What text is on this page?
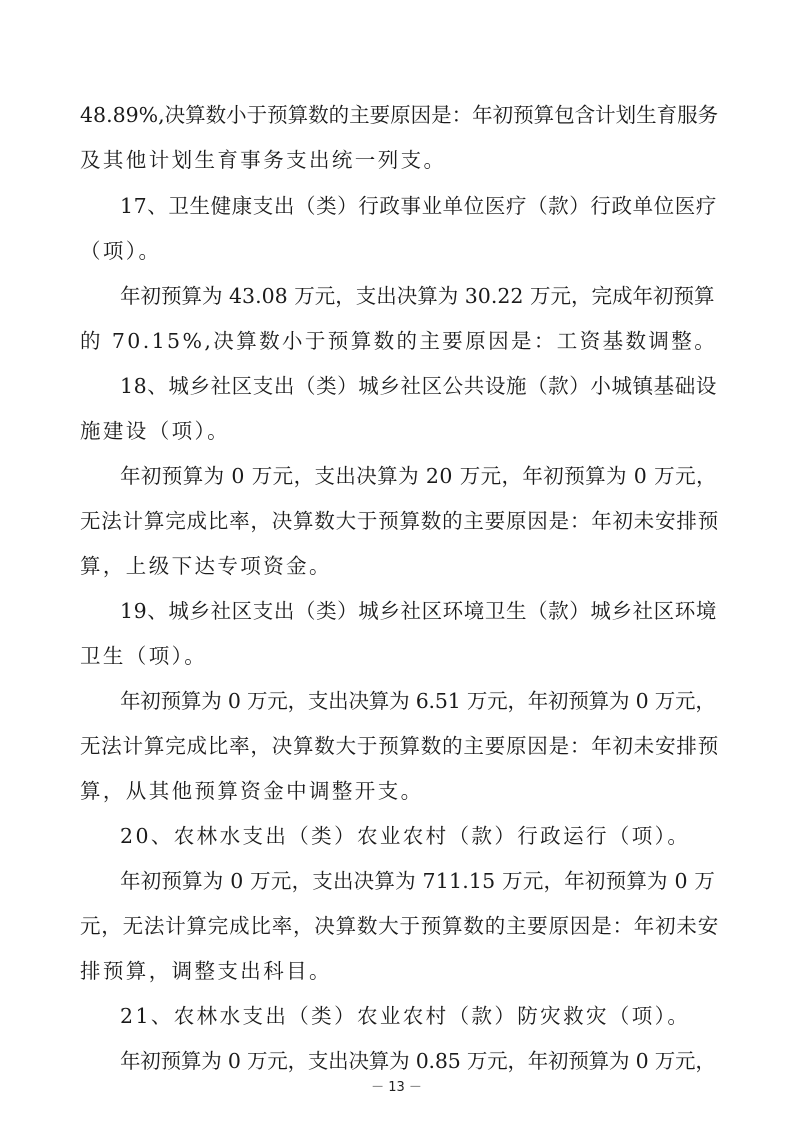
48.89%,决算数小于预算数的主要原因是：年初预算包含计划生育服务
及其他计划生育事务支出统一列支。
17、卫生健康支出（类）行政事业单位医疗（款）行政单位医疗
（项）。
年初预算为 43.08 万元，支出决算为 30.22 万元，完成年初预算
的 70.15%,决算数小于预算数的主要原因是：工资基数调整。
18、城乡社区支出（类）城乡社区公共设施（款）小城镇基础设
施建设（项）。
年初预算为 0 万元，支出决算为 20 万元，年初预算为 0 万元，
无法计算完成比率，决算数大于预算数的主要原因是：年初未安排预
算，上级下达专项资金。
19、城乡社区支出（类）城乡社区环境卫生（款）城乡社区环境
卫生（项）。
年初预算为 0 万元，支出决算为 6.51 万元，年初预算为 0 万元，
无法计算完成比率，决算数大于预算数的主要原因是：年初未安排预
算，从其他预算资金中调整开支。
20、农林水支出（类）农业农村（款）行政运行（项）。
年初预算为 0 万元，支出决算为 711.15 万元，年初预算为 0 万
元，无法计算完成比率，决算数大于预算数的主要原因是：年初未安
排预算，调整支出科目。
21、农林水支出（类）农业农村（款）防灾救灾（项）。
年初预算为 0 万元，支出决算为 0.85 万元，年初预算为 0 万元，
－ 13 －
